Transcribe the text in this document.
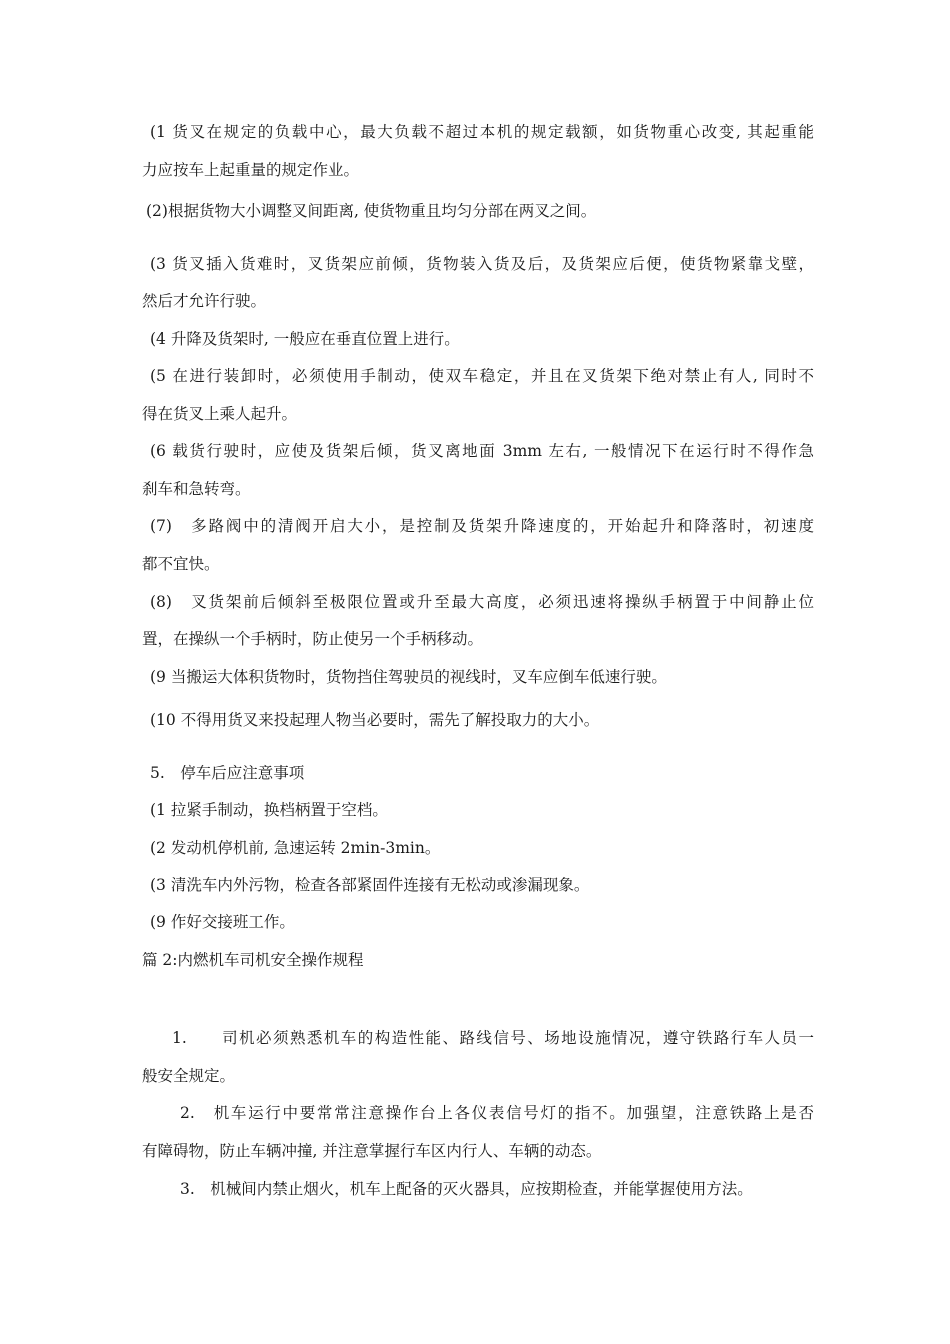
(1 货叉在规定的负载中心，最大负载不超过本机的规定载额，如货物重心改变, 其起重能
力应按车上起重量的规定作业。
(2)根据货物大小调整叉间距离, 使货物重且均匀分部在两叉之间。
(3 货叉插入货难时，叉货架应前倾，货物装入货及后，及货架应后便，使货物紧靠戈壁，
然后才允许行驶。
(4 升降及货架时, 一般应在垂直位置上进行。
(5 在进行装卸时，必须使用手制动，使双车稳定，并且在叉货架下绝对禁止有人, 同时不
得在货叉上乘人起升。
(6 载货行驶时，应使及货架后倾，货叉离地面 3mm 左右, 一般情况下在运行时不得作急
刹车和急转弯。
(7)　多路阀中的清阀开启大小，是控制及货架升降速度的，开始起升和降落时，初速度
都不宜快。
(8)　叉货架前后倾斜至极限位置或升至最大高度，必须迅速将操纵手柄置于中间静止位
置，在操纵一个手柄时，防止使另一个手柄移动。
(9 当搬运大体积货物时，货物挡住驾驶员的视线时，叉车应倒车低速行驶。
(10 不得用货叉来投起理人物当必要时，需先了解投取力的大小。
5.　停车后应注意事项
(1 拉紧手制动，换档柄置于空档。
(2 发动机停机前, 急速运转 2min-3min。
(3 清洗车内外污物，检查各部紧固件连接有无松动或渗漏现象。
(9 作好交接班工作。
篇 2:内燃机车司机安全操作规程
1.　　司机必须熟悉机车的构造性能、路线信号、场地设施情况，遵守铁路行车人员一
般安全规定。
2.　机车运行中要常常注意操作台上各仪表信号灯的指不。加强望，注意铁路上是否
有障碍物，防止车辆冲撞, 并注意掌握行车区内行人、车辆的动态。
3.　机械间内禁止烟火，机车上配备的灭火器具，应按期检查，并能掌握使用方法。
